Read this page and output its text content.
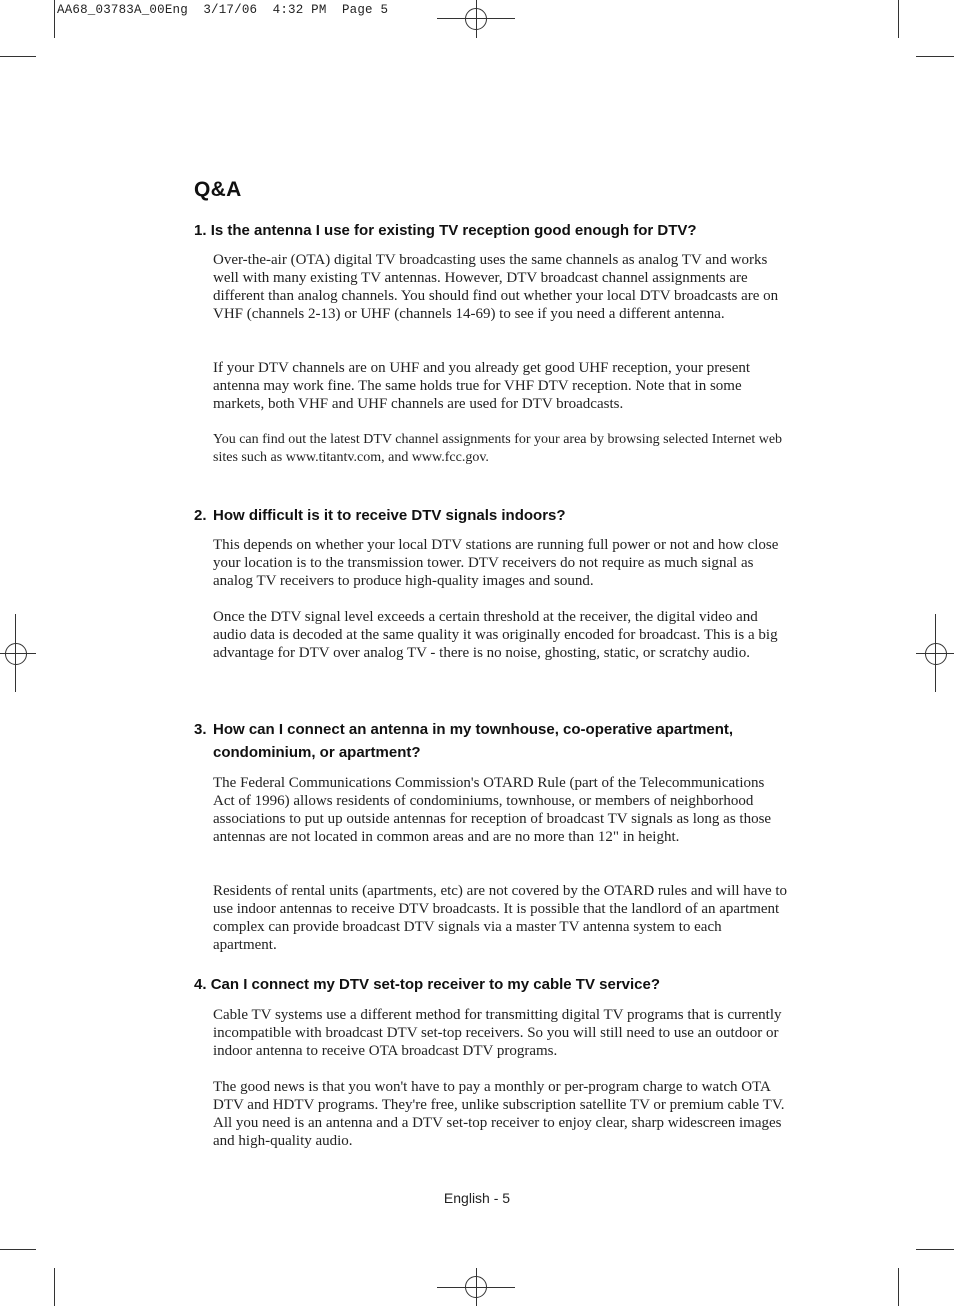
AA68_03783A_00Eng  3/17/06  4:32 PM  Page 5
Q&A
1. Is the antenna I use for existing TV reception good enough for DTV?
Over-the-air (OTA) digital TV broadcasting uses the same channels as analog TV and works well with many existing TV antennas. However, DTV broadcast channel assignments are different than analog channels. You should find out whether your local DTV broadcasts are on VHF (channels 2-13) or UHF (channels 14-69) to see if you need a different antenna.
If your DTV channels are on UHF and you already get good UHF reception, your present antenna may work fine. The same holds true for VHF DTV reception. Note that in some markets, both VHF and UHF channels are used for DTV broadcasts.
You can find out the latest DTV channel assignments for your area by browsing selected Internet web sites such as www.titantv.com, and www.fcc.gov.
2. How difficult is it to receive DTV signals indoors?
This depends on whether your local DTV stations are running full power or not and how close your location is to the transmission tower. DTV receivers do not require as much signal as analog TV receivers to produce high-quality images and sound.
Once the DTV signal level exceeds a certain threshold at the receiver, the digital video and audio data is decoded at the same quality it was originally encoded for broadcast. This is a big advantage for DTV over analog TV - there is no noise, ghosting, static, or scratchy audio.
3. How can I connect an antenna in my townhouse, co-operative apartment, condominium, or apartment?
The Federal Communications Commission's OTARD Rule (part of the Telecommunications Act of 1996) allows residents of condominiums, townhouse, or members of neighborhood associations to put up outside antennas for reception of broadcast TV signals as long as those antennas are not located in common areas and are no more than 12" in height.
Residents of rental units (apartments, etc) are not covered by the OTARD rules and will have to use indoor antennas to receive DTV broadcasts. It is possible that the landlord of an apartment complex can provide broadcast DTV signals via a master TV antenna system to each apartment.
4. Can I connect my DTV set-top receiver to my cable TV service?
Cable TV systems use a different method for transmitting digital TV programs that is currently incompatible with broadcast DTV set-top receivers. So you will still need to use an outdoor or indoor antenna to receive OTA broadcast DTV programs.
The good news is that you won't have to pay a monthly or per-program charge to watch OTA DTV and HDTV programs. They're free, unlike subscription satellite TV or premium cable TV. All you need is an antenna and a DTV set-top receiver to enjoy clear, sharp widescreen images and high-quality audio.
English - 5
